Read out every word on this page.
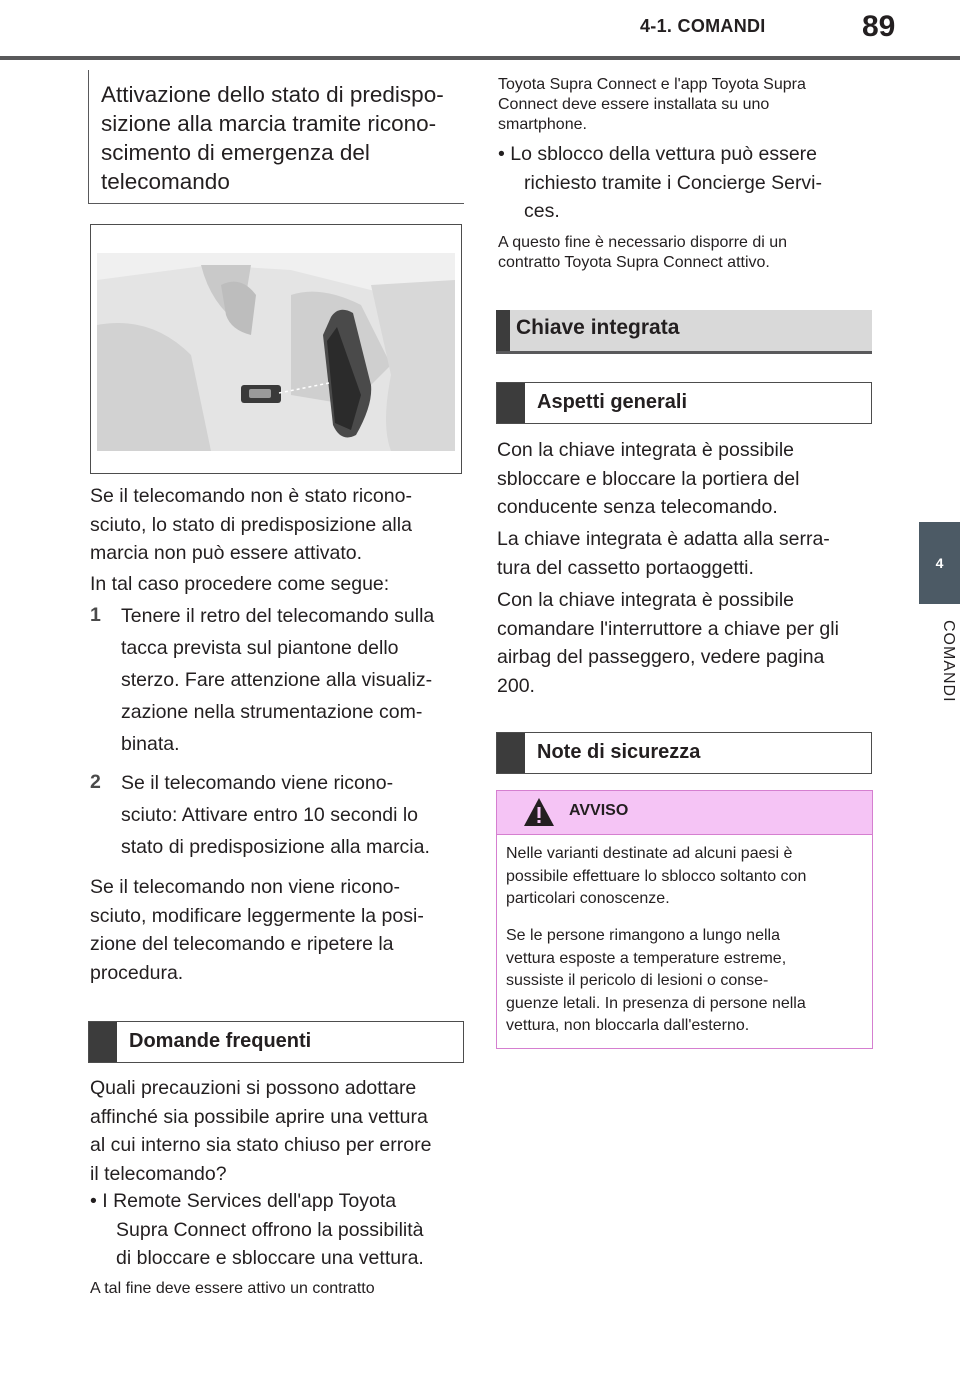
4-1. COMANDI	89
4
COMANDI
Attivazione dello stato di predispo-
sizione alla marcia tramite ricono-
scimento di emergenza del
telecomando
Se il telecomando non è stato ricono-
sciuto, lo stato di predisposizione alla
marcia non può essere attivato.
In tal caso procedere come segue:
1 Tenere il retro del telecomando sulla
tacca prevista sul piantone dello
sterzo. Fare attenzione alla visualiz-
zazione nella strumentazione com-
binata.
2 Se il telecomando viene ricono-
sciuto: Attivare entro 10 secondi lo
stato di predisposizione alla marcia.
Se il telecomando non viene ricono-
sciuto, modificare leggermente la posi-
zione del telecomando e ripetere la
procedura.
Domande frequenti
Quali precauzioni si possono adottare
affinché sia possibile aprire una vettura
al cui interno sia stato chiuso per errore
il telecomando?
• I Remote Services dell'app Toyota
Supra Connect offrono la possibilità
di bloccare e sbloccare una vettura.
A tal fine deve essere attivo un contratto
Toyota Supra Connect e l'app Toyota Supra
Connect deve essere installata su uno
smartphone.
• Lo sblocco della vettura può essere
richiesto tramite i Concierge Servi-
ces.
A questo fine è necessario disporre di un
contratto Toyota Supra Connect attivo.
Chiave integrata
Aspetti generali
Con la chiave integrata è possibile
sbloccare e bloccare la portiera del
conducente senza telecomando.
La chiave integrata è adatta alla serra-
tura del cassetto portaoggetti.
Con la chiave integrata è possibile
comandare l'interruttore a chiave per gli
airbag del passeggero, vedere pagina
200.
Note di sicurezza
AVVISO
Nelle varianti destinate ad alcuni paesi è
possibile effettuare lo sblocco soltanto con
particolari conoscenze.
Se le persone rimangono a lungo nella
vettura esposte a temperature estreme,
sussiste il pericolo di lesioni o conse-
guenze letali. In presenza di persone nella
vettura, non bloccarla dall'esterno.
